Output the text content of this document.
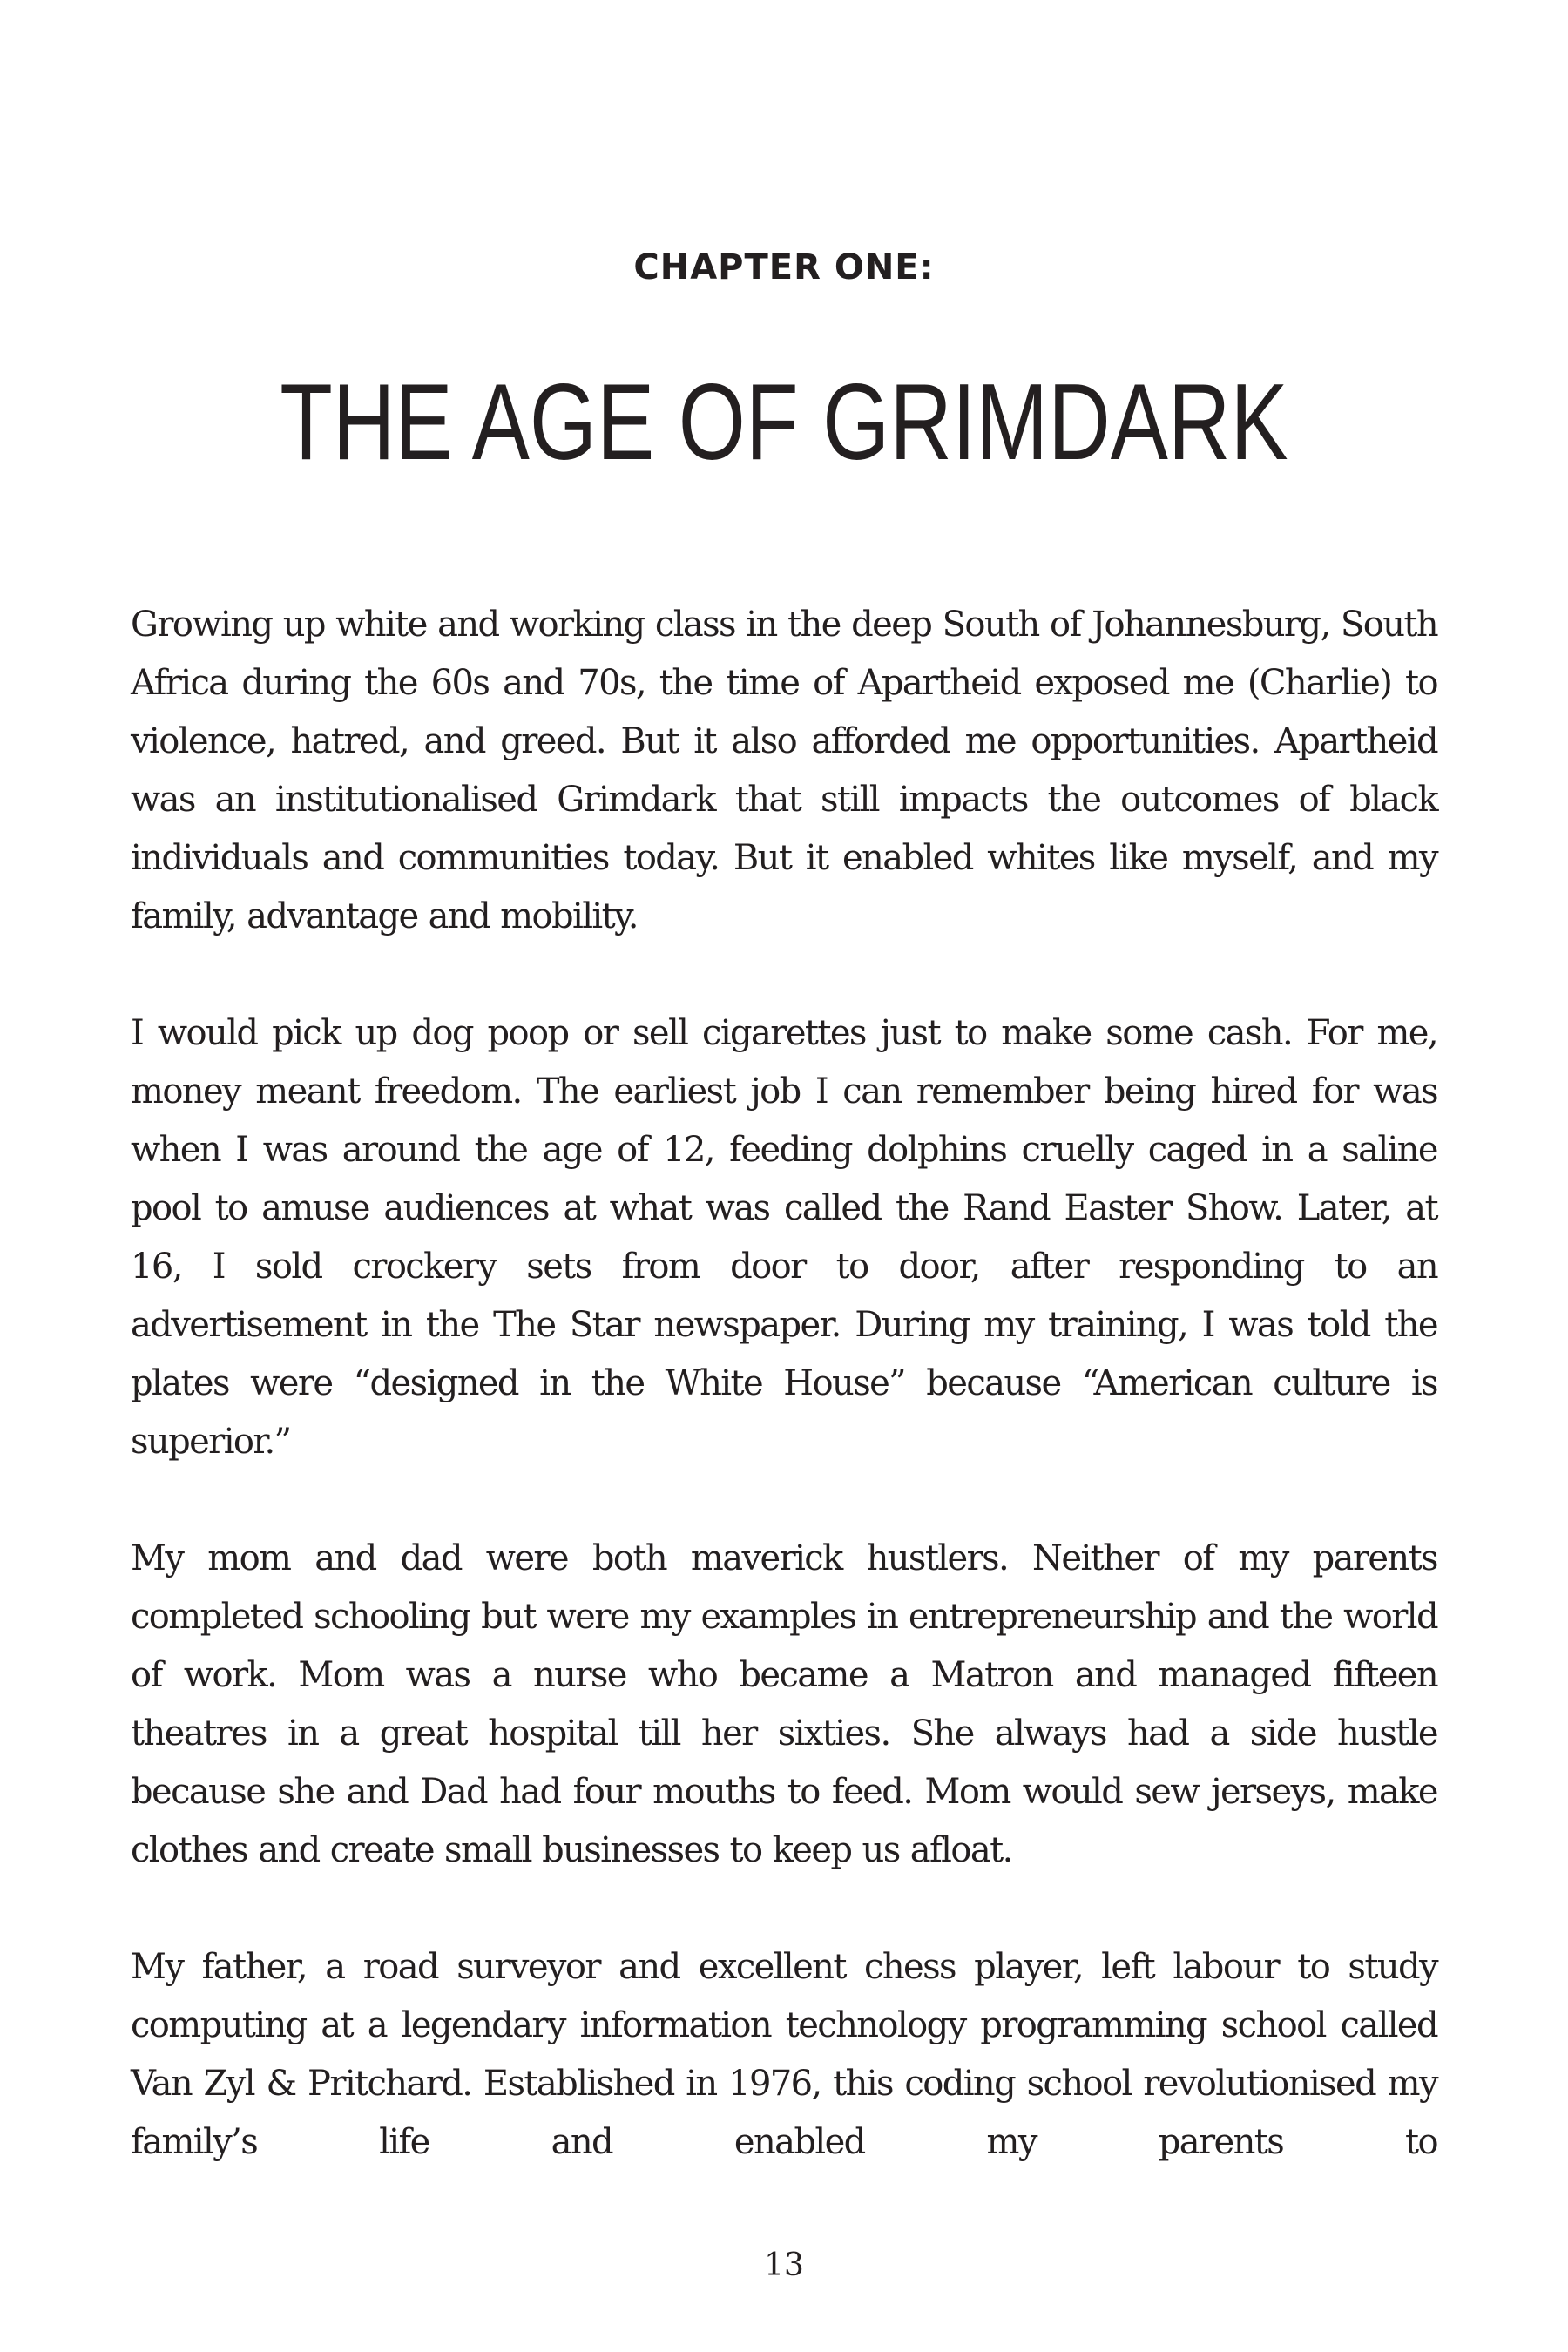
CHAPTER ONE:
THE AGE OF GRIMDARK

Growing up white and working class in the deep South of Johannesburg, South Africa during the 60s and 70s, the time of Apartheid exposed me (Charlie) to violence, hatred, and greed. But it also afforded me opportunities. Apartheid was an institutionalised Grimdark that still impacts the outcomes of black individuals and communities today. But it enabled whites like myself, and my family, advantage and mobility.

I would pick up dog poop or sell cigarettes just to make some cash. For me, money meant freedom. The earliest job I can remember being hired for was when I was around the age of 12, feeding dolphins cruelly caged in a saline pool to amuse audiences at what was called the Rand Easter Show. Later, at 16, I sold crockery sets from door to door, after responding to an advertisement in the The Star newspaper. During my training, I was told the plates were “designed in the White House” because “American culture is superior.”

My mom and dad were both maverick hustlers. Neither of my parents completed schooling but were my examples in entrepreneurship and the world of work. Mom was a nurse who became a Matron and managed fifteen theatres in a great hospital till her sixties. She always had a side hustle because she and Dad had four mouths to feed. Mom would sew jerseys, make clothes and create small businesses to keep us afloat.

My father, a road surveyor and excellent chess player, left labour to study computing at a legendary information technology programming school called Van Zyl & Pritchard. Established in 1976, this coding school revolutionised my family’s life and enabled my parents to

13
